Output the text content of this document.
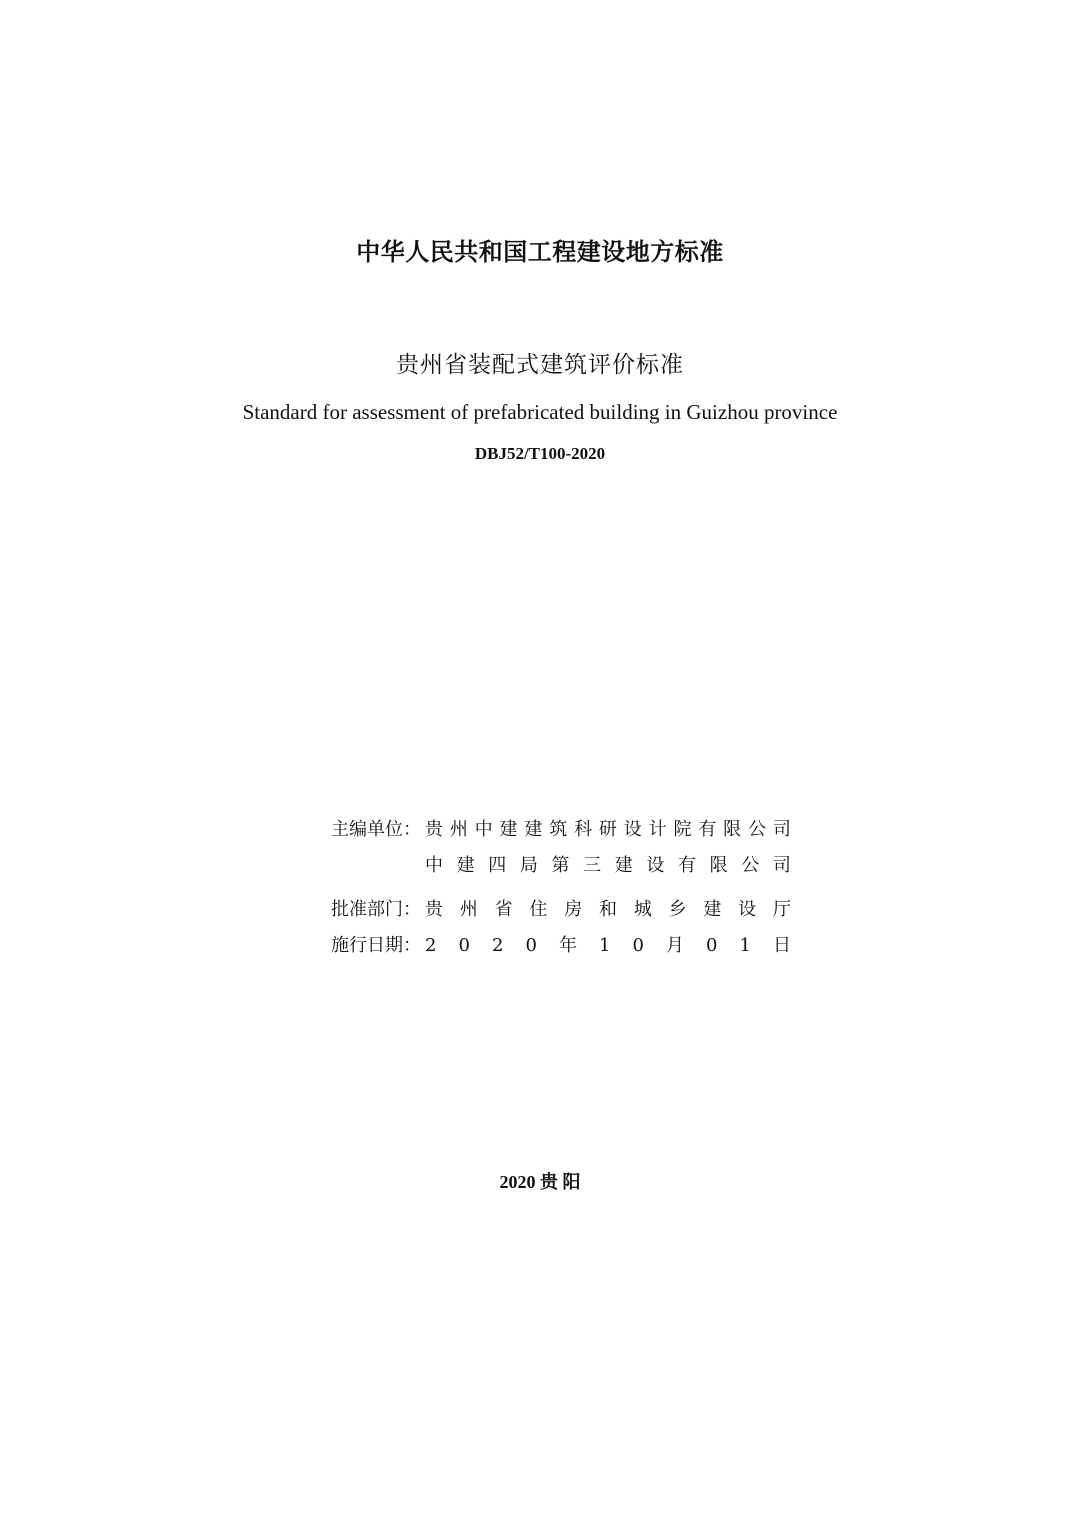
中华人民共和国工程建设地方标准
贵州省装配式建筑评价标准
Standard for assessment of prefabricated building in Guizhou province
DBJ52/T100-2020
主编单位： 贵 州 中 建 建 筑 科 研 设 计 院 有 限 公 司
中 建 四 局 第 三 建 设 有 限 公 司
批准部门： 贵 州 省 住 房 和 城 乡 建 设 厅
施行日期： 2 0 2 0 年 1 0 月 0 1 日
2020 贵 阳
